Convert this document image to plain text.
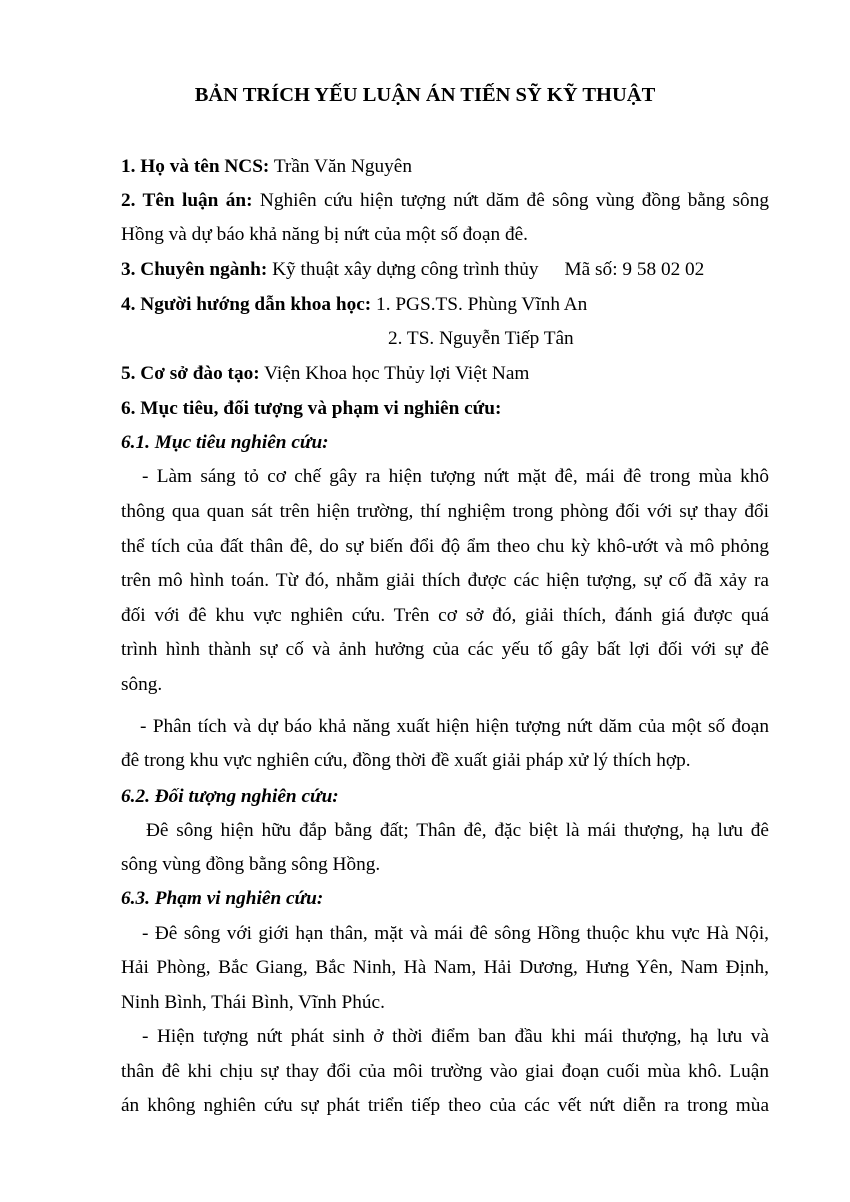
BẢN TRÍCH YẾU LUẬN ÁN TIẾN SỸ KỸ THUẬT
1. Họ và tên NCS: Trần Văn Nguyên
2. Tên luận án: Nghiên cứu hiện tượng nứt dăm đê sông vùng đồng bằng sông
Hồng và dự báo khả năng bị nứt của một số đoạn đê.
3. Chuyên ngành: Kỹ thuật xây dựng công trình thủy Mã số: 9 58 02 02
4. Người hướng dẫn khoa học: 1. PGS.TS. Phùng Vĩnh An
2. TS. Nguyễn Tiếp Tân
5. Cơ sở đào tạo: Viện Khoa học Thủy lợi Việt Nam
6. Mục tiêu, đối tượng và phạm vi nghiên cứu:
6.1. Mục tiêu nghiên cứu:
- Làm sáng tỏ cơ chế gây ra hiện tượng nứt mặt đê, mái đê trong mùa khô
thông qua quan sát trên hiện trường, thí nghiệm trong phòng đối với sự thay đổi
thể tích của đất thân đê, do sự biến đổi độ ẩm theo chu kỳ khô-ướt và mô phỏng
trên mô hình toán. Từ đó, nhằm giải thích được các hiện tượng, sự cố đã xảy ra
đối với đê khu vực nghiên cứu. Trên cơ sở đó, giải thích, đánh giá được quá
trình hình thành sự cố và ảnh hưởng của các yếu tố gây bất lợi đối với sự đê
sông.
- Phân tích và dự báo khả năng xuất hiện hiện tượng nứt dăm của một số đoạn
đê trong khu vực nghiên cứu, đồng thời đề xuất giải pháp xử lý thích hợp.
6.2. Đối tượng nghiên cứu:
Đê sông hiện hữu đắp bằng đất; Thân đê, đặc biệt là mái thượng, hạ lưu đê
sông vùng đồng bằng sông Hồng.
6.3. Phạm vi nghiên cứu:
- Đê sông với giới hạn thân, mặt và mái đê sông Hồng thuộc khu vực Hà Nội,
Hải Phòng, Bắc Giang, Bắc Ninh, Hà Nam, Hải Dương, Hưng Yên, Nam Định,
Ninh Bình, Thái Bình, Vĩnh Phúc.
- Hiện tượng nứt phát sinh ở thời điểm ban đầu khi mái thượng, hạ lưu và
thân đê khi chịu sự thay đổi của môi trường vào giai đoạn cuối mùa khô. Luận
án không nghiên cứu sự phát triển tiếp theo của các vết nứt diễn ra trong mùa
